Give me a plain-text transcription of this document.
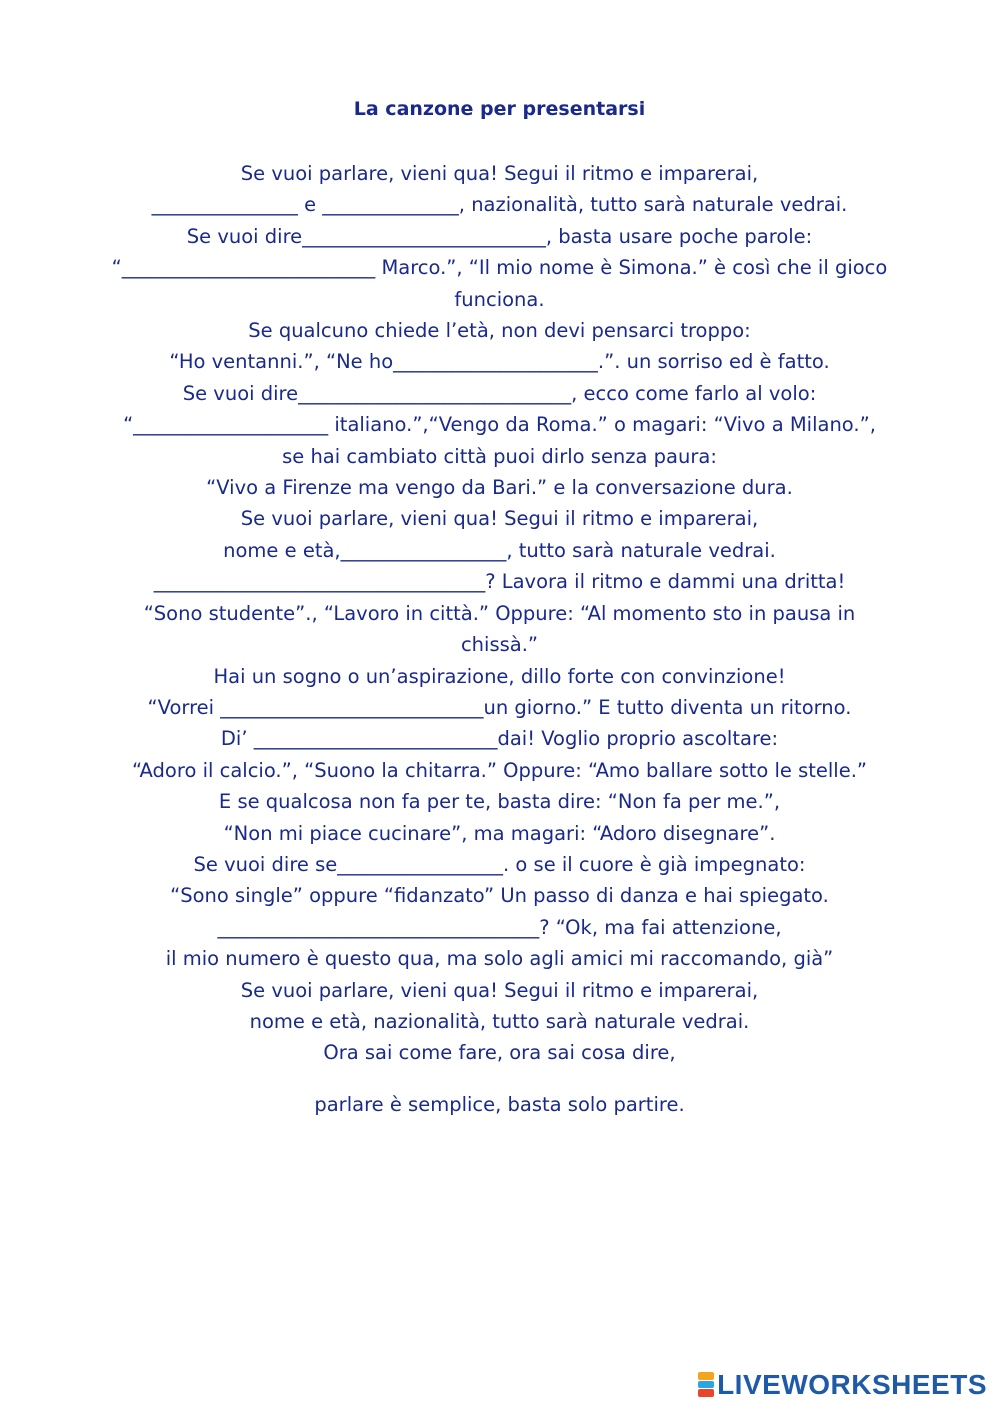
La canzone per presentarsi
Se vuoi parlare, vieni qua! Segui il ritmo e imparerai,
_______________ e ______________, nazionalità, tutto sarà naturale vedrai.
Se vuoi dire_________________________, basta usare poche parole:
“__________________________ Marco.”, “Il mio nome è Simona.” è così che il gioco funciona.
Se qualcuno chiede l’età, non devi pensarci troppo:
“Ho ventanni.”, “Ne ho_____________________.”. un sorriso ed è fatto.
Se vuoi dire____________________________, ecco come farlo al volo:
“____________________ italiano.”,“Vengo da Roma.” o magari: “Vivo a Milano.”,
se hai cambiato città puoi dirlo senza paura:
“Vivo a Firenze ma vengo da Bari.” e la conversazione dura.
Se vuoi parlare, vieni qua! Segui il ritmo e imparerai,
nome e età,_________________, tutto sarà naturale vedrai.
__________________________________? Lavora il ritmo e dammi una dritta!
“Sono studente”., “Lavoro in città.” Oppure: “Al momento sto in pausa in chissà.”
Hai un sogno o un’aspirazione, dillo forte con convinzione!
“Vorrei ___________________________un giorno.” E tutto diventa un ritorno.
Di’ _________________________dai! Voglio proprio ascoltare:
“Adoro il calcio.”, “Suono la chitarra.” Oppure: “Amo ballare sotto le stelle.”
E se qualcosa non fa per te, basta dire: “Non fa per me.”,
“Non mi piace cucinare”, ma magari: “Adoro disegnare”.
Se vuoi dire se_________________. o se il cuore è già impegnato:
“Sono single” oppure “fidanzato” Un passo di danza e hai spiegato.
_________________________________? “Ok, ma fai attenzione,
il mio numero è questo qua, ma solo agli amici mi raccomando, già”
Se vuoi parlare, vieni qua! Segui il ritmo e imparerai,
nome e età, nazionalità, tutto sarà naturale vedrai.
Ora sai come fare, ora sai cosa dire,
parlare è semplice, basta solo partire.
LIVEWORKSHEETS
